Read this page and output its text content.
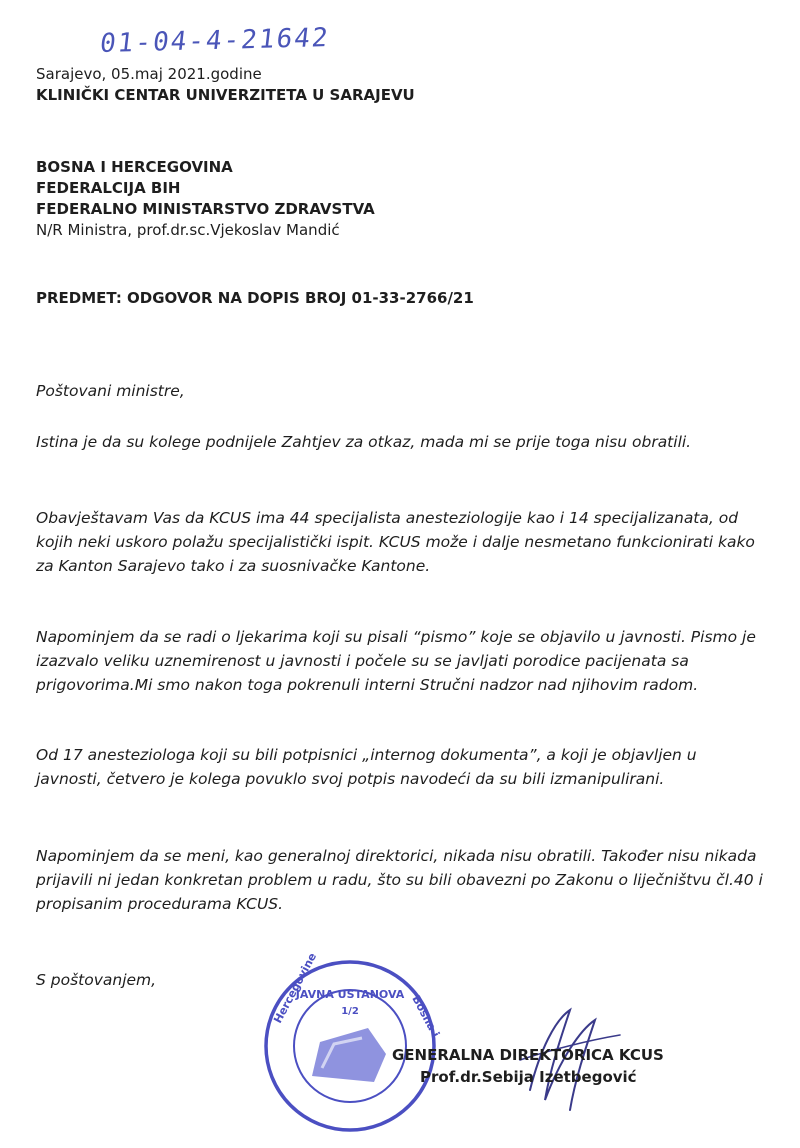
01-04-4-21642
Sarajevo, 05.maj 2021.godine
KLINIČKI CENTAR UNIVERZITETA U SARAJEVU
BOSNA I HERCEGOVINA
FEDERALCIJA BIH
FEDERALNO MINISTARSTVO ZDRAVSTVA
N/R Ministra, prof.dr.sc.Vjekoslav Mandić
PREDMET: ODGOVOR NA DOPIS BROJ 01-33-2766/21
Poštovani ministre,
Istina je da su kolege podnijele Zahtjev za otkaz, mada mi se prije toga nisu obratili.
Obavještavam Vas da KCUS ima 44 specijalista anesteziologije kao i 14 specijalizanata, od kojih neki uskoro polažu specijalistički ispit. KCUS može i dalje nesmetano funkcionirati kako za Kanton Sarajevo tako i za suosnivačke Kantone.
Napominjem da se radi o ljekarima koji su pisali “pismo” koje se objavilo u javnosti. Pismo je izazvalo veliku uznemirenost u javnosti i počele su se javljati porodice pacijenata sa prigovorima.Mi smo nakon toga pokrenuli interni Stručni nadzor nad njihovim radom.
Od 17 anesteziologa koji su bili potpisnici „internog dokumenta”, a koji je objavljen u javnosti, četvero je kolega povuklo svoj potpis navodeći da su bili izmanipulirani.
Napominjem da se meni, kao generalnoj direktorici, nikada nisu obratili. Također nisu nikada prijavili ni jedan konkretan problem u radu, što su bili obavezni po Zakonu o liječništvu čl.40 i propisanim procedurama KCUS.
S poštovanjem,
JAVNA USTANOVA
1/2
Hercegovine	Bosna i
GENERALNA DIREKTORICA KCUS
Prof.dr.Sebija Izetbegović
